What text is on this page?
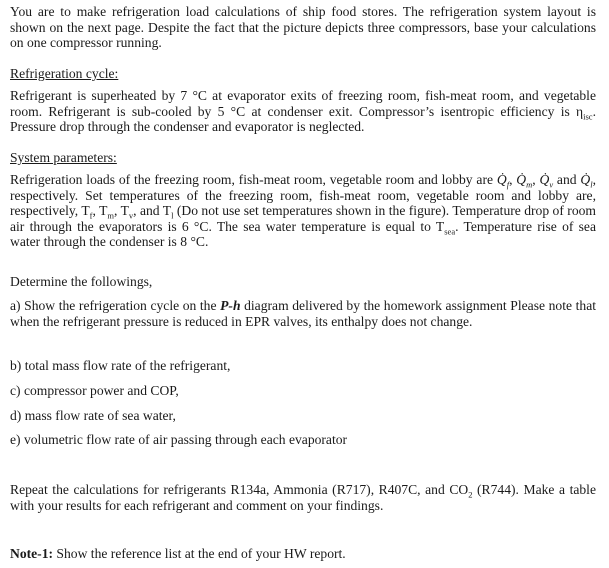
You are to make refrigeration load calculations of ship food stores. The refrigeration system layout is shown on the next page. Despite the fact that the picture depicts three compressors, base your calculations on one compressor running.

Refrigeration cycle:

Refrigerant is superheated by 7 °C at evaporator exits of freezing room, fish-meat room, and vegetable room. Refrigerant is sub-cooled by 5 °C at condenser exit. Compressor’s isentropic efficiency is $\eta_{isc}$. Pressure drop through the condenser and evaporator is neglected.

System parameters:

Refrigeration loads of the freezing room, fish-meat room, vegetable room and lobby are $Q̇_f$, $Q̇_m$, $Q̇_v$ and $Q̇_l$, respectively. Set temperatures of the freezing room, fish-meat room, vegetable room and lobby are, respectively, $T_f$, $T_m$, $T_v$, and $T_l$ (Do not use set temperatures shown in the figure). Temperature drop of room air through the evaporators is 6 °C. The sea water temperature is equal to $T_{sea}$. Temperature rise of sea water through the condenser is 8 °C.

Determine the followings,

a) Show the refrigeration cycle on the P-h diagram delivered by the homework assignment Please note that when the refrigerant pressure is reduced in EPR valves, its enthalpy does not change.

b) total mass flow rate of the refrigerant,

c) compressor power and COP,

d) mass flow rate of sea water,

e) volumetric flow rate of air passing through each evaporator

Repeat the calculations for refrigerants R134a, Ammonia (R717), R407C, and $CO_2$ (R744). Make a table with your results for each refrigerant and comment on your findings.

Note-1: Show the reference list at the end of your HW report.
